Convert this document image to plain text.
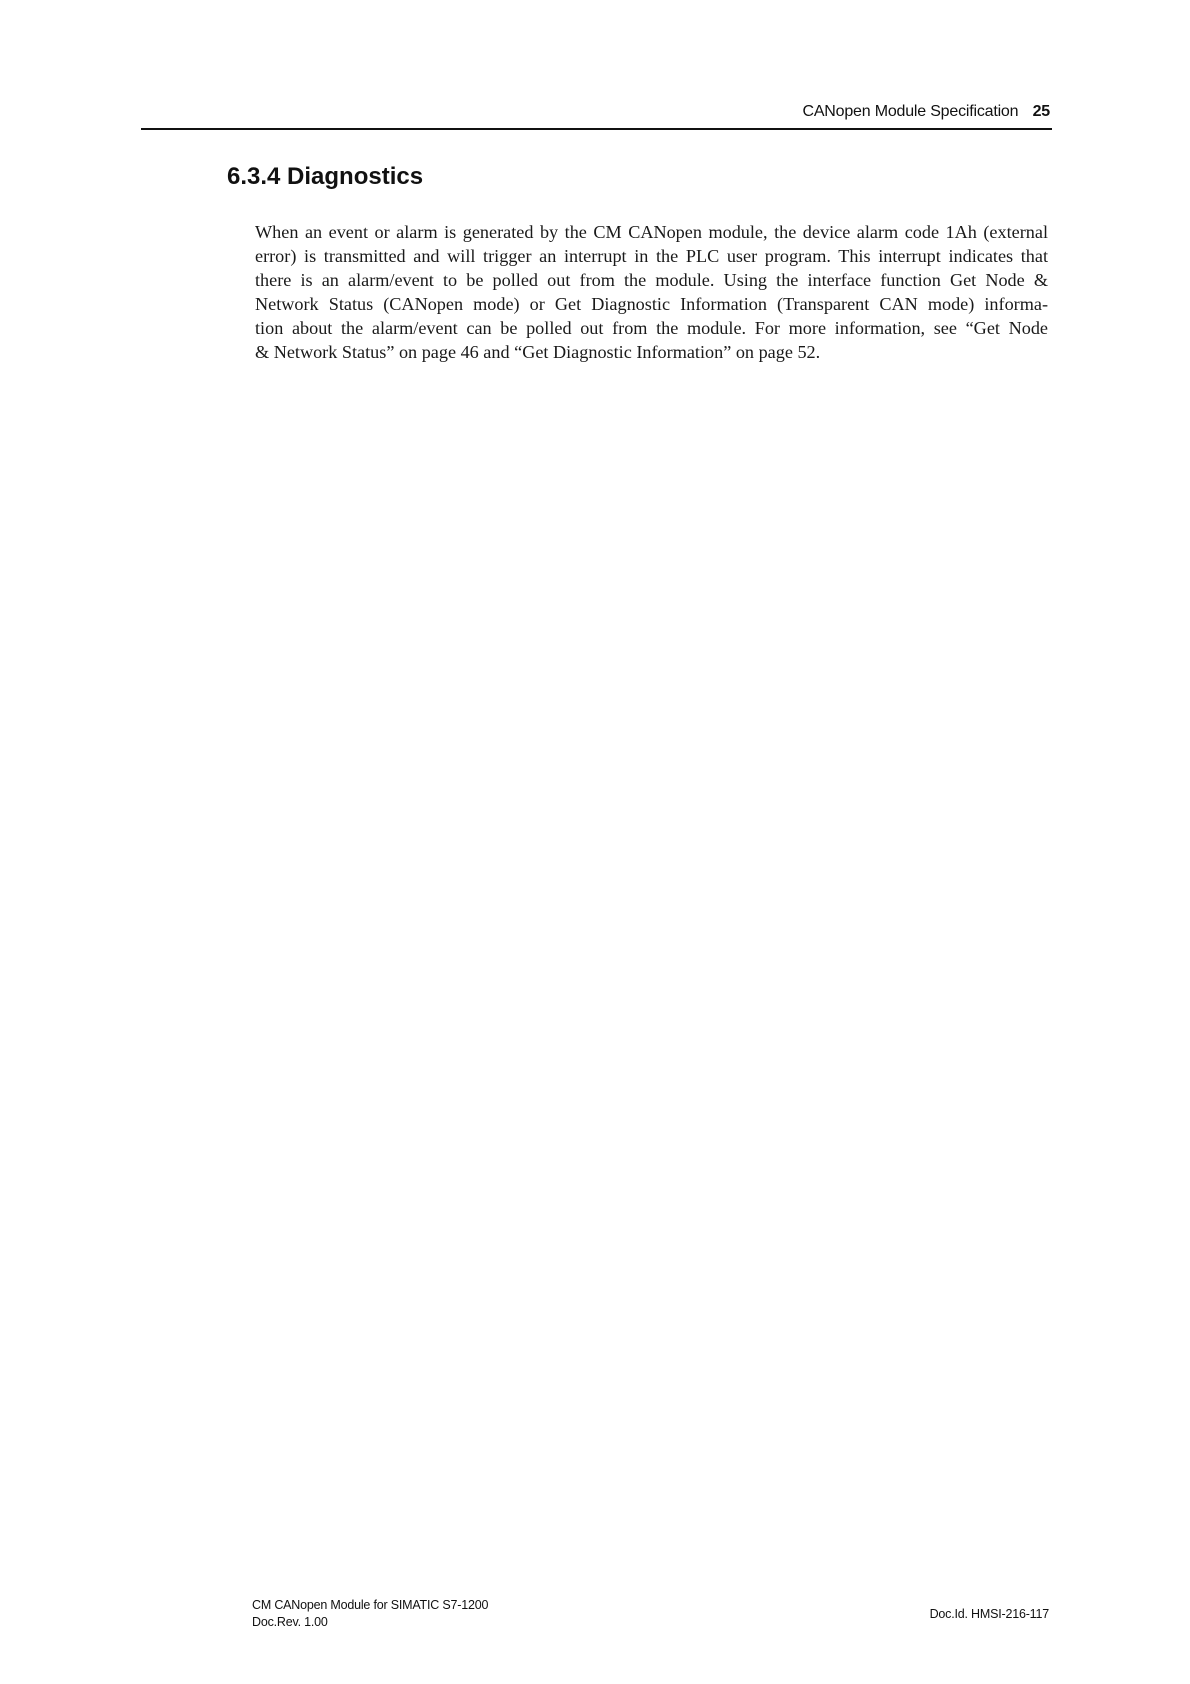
CANopen Module Specification 25
6.3.4 Diagnostics

When an event or alarm is generated by the CM CANopen module, the device alarm code 1Ah (external
error) is transmitted and will trigger an interrupt in the PLC user program. This interrupt indicates that
there is an alarm/event to be polled out from the module. Using the interface function Get Node &
Network Status (CANopen mode) or Get Diagnostic Information (Transparent CAN mode) informa-
tion about the alarm/event can be polled out from the module. For more information, see “Get Node
& Network Status” on page 46 and “Get Diagnostic Information” on page 52.

CM CANopen Module for SIMATIC S7-1200
Doc.Rev. 1.00
Doc.Id. HMSI-216-117
